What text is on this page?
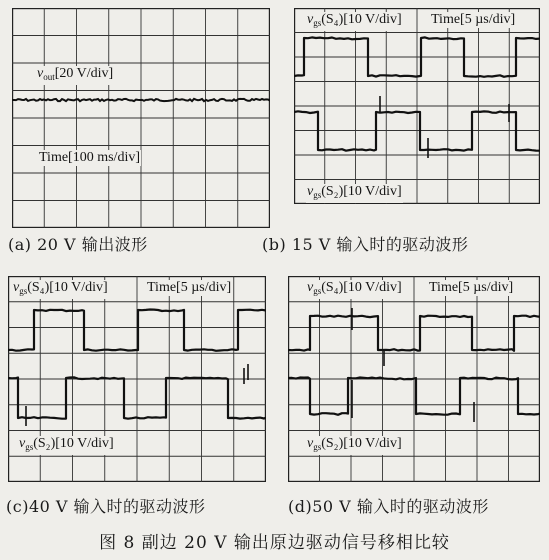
$v_{out}[20$ V/div]
Time[100 ms/div]
(a) 20 V 输出波形
$v_{gs}(S_4)[10$ V/div] Time[5 µs/div]
$v_{gs}(S_2)[10$ V/div]
(b) 15 V 输入时的驱动波形
$v_{gs}(S_4)[10$ V/div]	Time[5 µs/div]
$v_{gs}(S_2)[10$ V/div]
(c)40 V 输入时的驱动波形
$v_{gs}(S_4)[10$ V/div] Time[5 µs/div]
$v_{gs}(S_2)[10$ V/div]
(d)50 V 输入时的驱动波形
图 8 副边 20 V 输出原边驱动信号移相比较
